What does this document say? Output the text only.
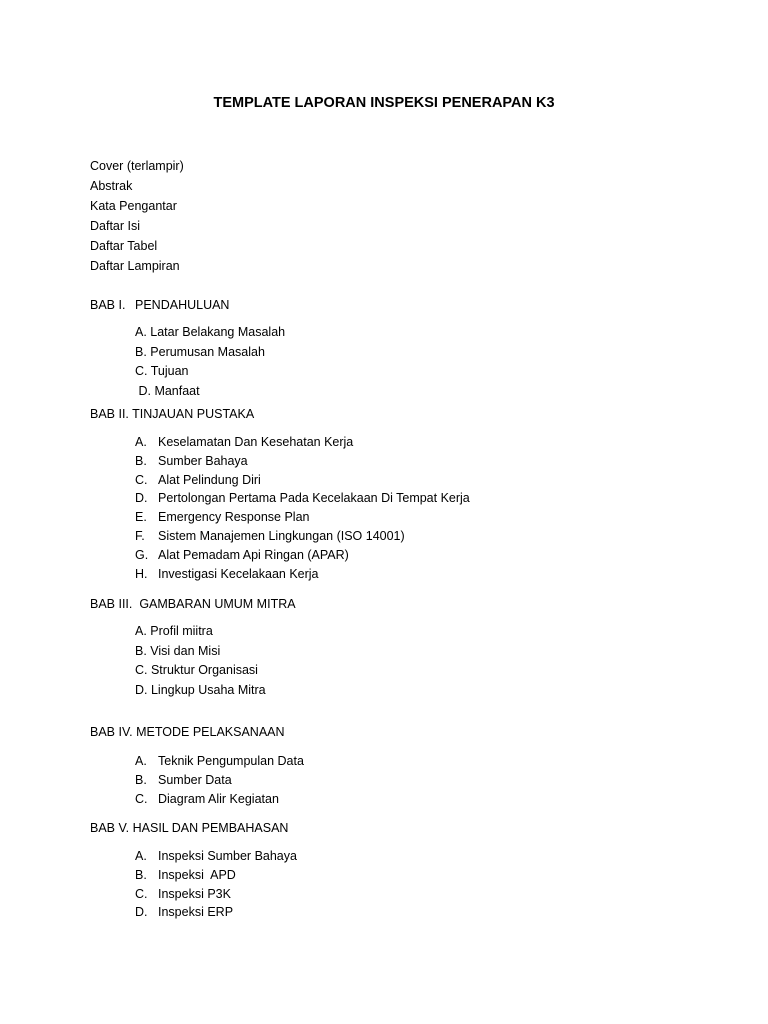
TEMPLATE LAPORAN INSPEKSI PENERAPAN K3
Cover (terlampir)
Abstrak
Kata Pengantar
Daftar Isi
Daftar Tabel
Daftar Lampiran
BAB I. PENDAHULUAN
A. Latar Belakang Masalah
B. Perumusan Masalah
C. Tujuan
D. Manfaat
BAB II. TINJAUAN PUSTAKA
A. Keselamatan Dan Kesehatan Kerja
B. Sumber Bahaya
C. Alat Pelindung Diri
D. Pertolongan Pertama Pada Kecelakaan Di Tempat Kerja
E. Emergency Response Plan
F. Sistem Manajemen Lingkungan (ISO 14001)
G. Alat Pemadam Api Ringan (APAR)
H. Investigasi Kecelakaan Kerja
BAB III.  GAMBARAN UMUM MITRA
A. Profil miitra
B. Visi dan Misi
C. Struktur Organisasi
D. Lingkup Usaha Mitra
BAB IV. METODE PELAKSANAAN
A. Teknik Pengumpulan Data
B. Sumber Data
C. Diagram Alir Kegiatan
BAB V. HASIL DAN PEMBAHASAN
A. Inspeksi Sumber Bahaya
B. Inspeksi  APD
C. Inspeksi P3K
D. Inspeksi ERP
